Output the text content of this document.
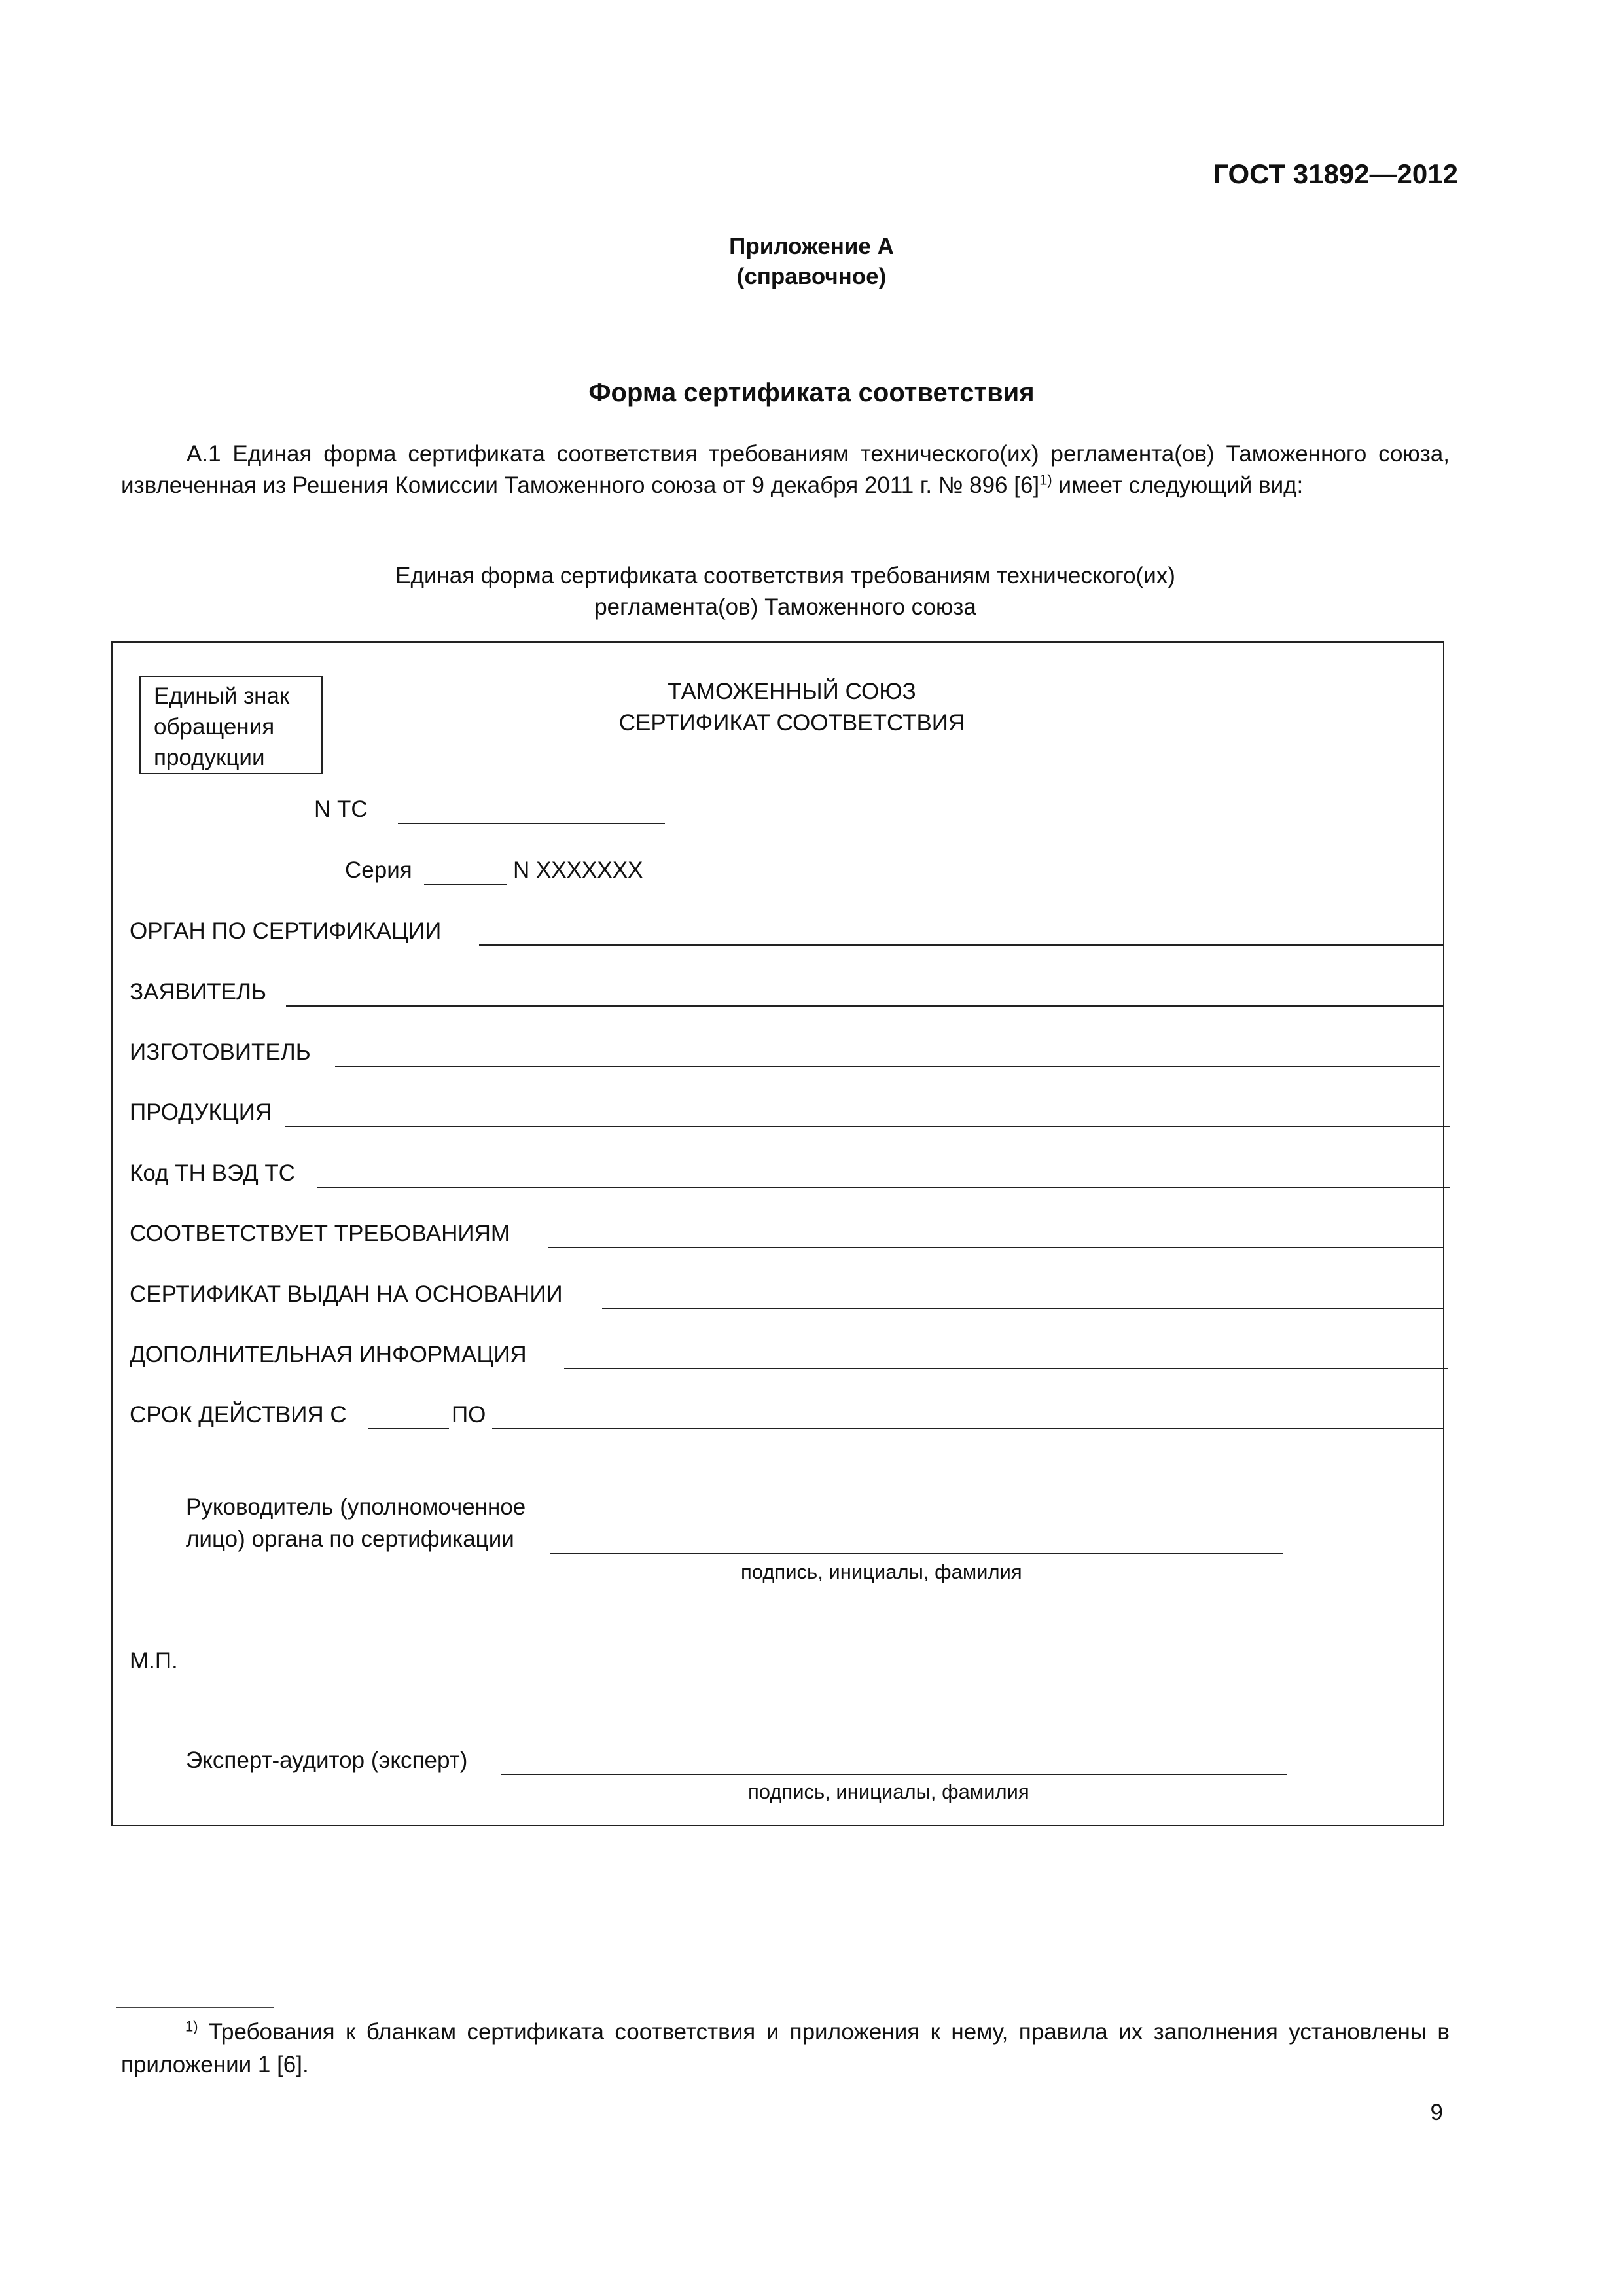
ГОСТ 31892—2012
Приложение А
(справочное)
Форма сертификата соответствия
А.1 Единая форма сертификата соответствия требованиям технического(их) регламента(ов) Таможенного союза, извлеченная из Решения Комиссии Таможенного союза от 9 декабря 2011 г. № 896 $[6]^{1)}$ имеет следующий вид:
Единая форма сертификата соответствия требованиям технического(их)
регламента(ов) Таможенного союза
Единый знак
обращения
продукции
ТАМОЖЕННЫЙ СОЮЗ
СЕРТИФИКАТ СООТВЕТСТВИЯ
N ТС
Серия	N ХХХХХХХ
ОРГАН ПО СЕРТИФИКАЦИИ
ЗАЯВИТЕЛЬ
ИЗГОТОВИТЕЛЬ
ПРОДУКЦИЯ
Код ТН ВЭД ТС
СООТВЕТСТВУЕТ ТРЕБОВАНИЯМ
СЕРТИФИКАТ ВЫДАН НА ОСНОВАНИИ
ДОПОЛНИТЕЛЬНАЯ ИНФОРМАЦИЯ
СРОК ДЕЙСТВИЯ С	ПО
Руководитель (уполномоченное
лицо) органа по сертификации
подпись, инициалы, фамилия
М.П.
Эксперт-аудитор (эксперт)
подпись, инициалы, фамилия
$^{1)}$ Требования к бланкам сертификата соответствия и приложения к нему, правила их заполнения установлены в приложении 1 [6].
9
